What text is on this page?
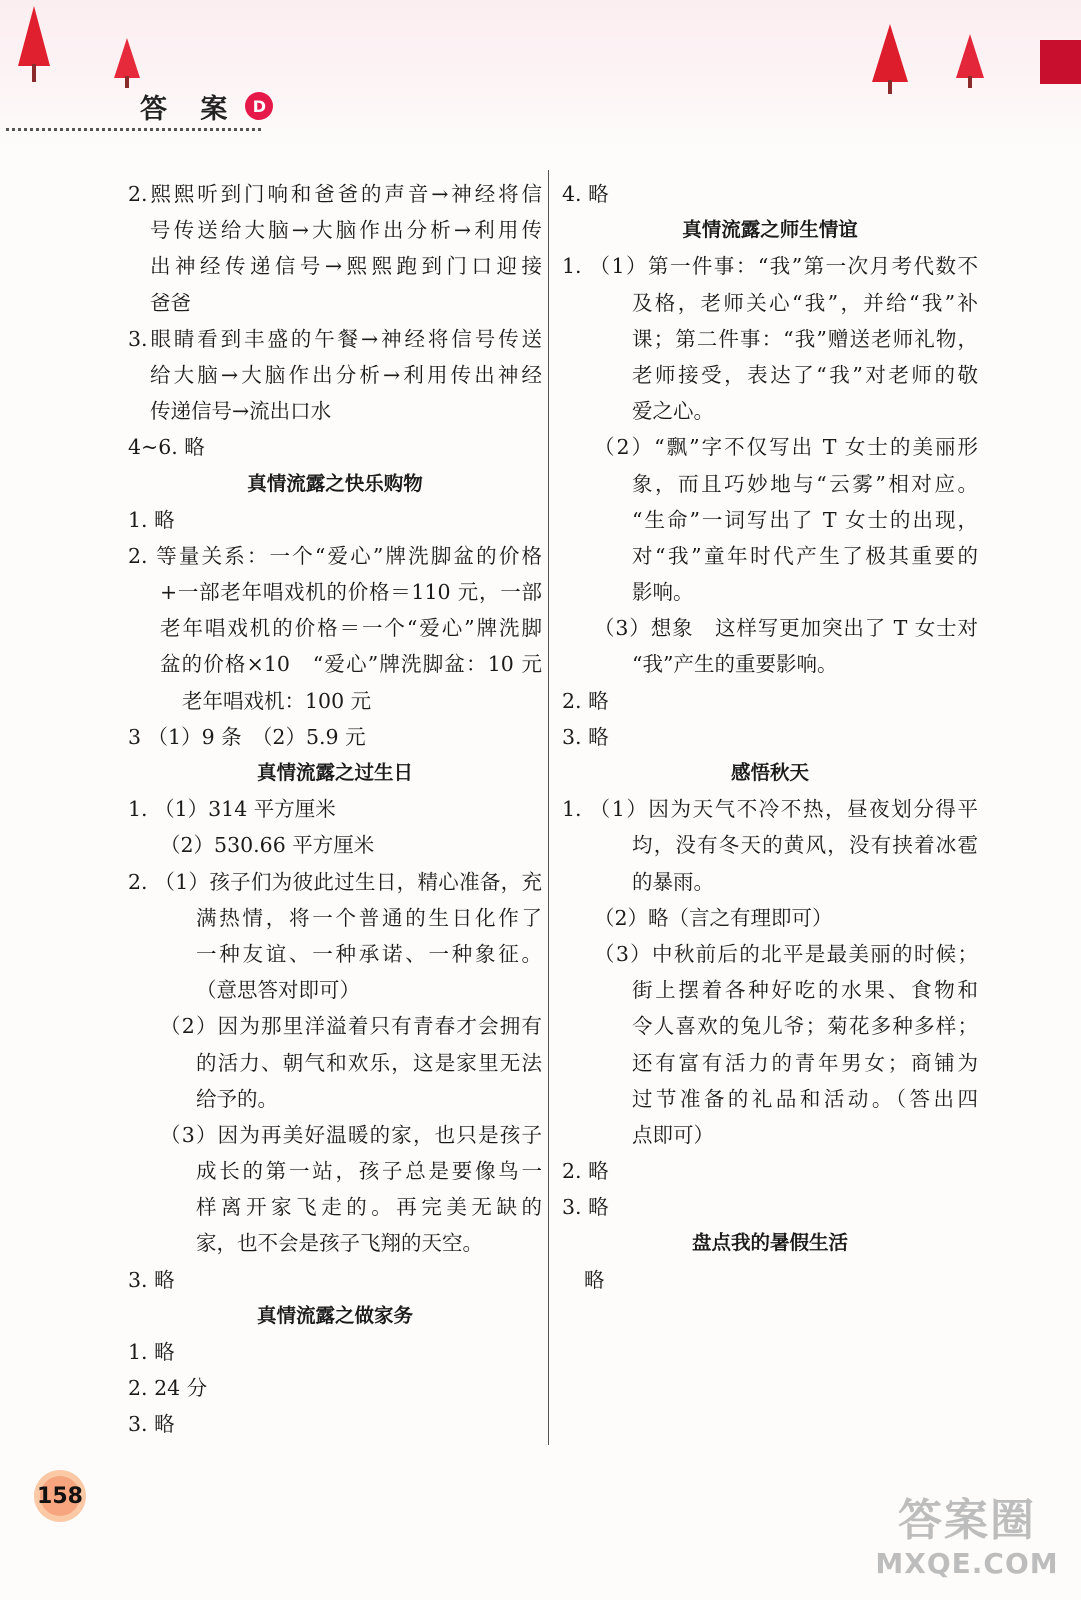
答 案 D
2.熙熙听到门响和爸爸的声音→神经将信
号传送给大脑→大脑作出分析→利用传
出神经传递信号→熙熙跑到门口迎接
爸爸
3.眼睛看到丰盛的午餐→神经将信号传送
给大脑→大脑作出分析→利用传出神经
传递信号→流出口水
4~6. 略
真情流露之快乐购物
1. 略
2. 等量关系：一个“爱心”牌洗脚盆的价格
+一部老年唱戏机的价格＝110 元，一部
老年唱戏机的价格＝一个“爱心”牌洗脚
盆的价格×10　“爱心”牌洗脚盆：10 元
老年唱戏机：100 元
3 （1）9 条　（2）5.9 元
真情流露之过生日
1. （1）314 平方厘米
（2）530.66 平方厘米
2. （1）孩子们为彼此过生日，精心准备，充
满热情，将一个普通的生日化作了
一种友谊、一种承诺、一种象征。
（意思答对即可）
（2）因为那里洋溢着只有青春才会拥有
的活力、朝气和欢乐，这是家里无法
给予的。
（3）因为再美好温暖的家，也只是孩子
成长的第一站，孩子总是要像鸟一
样离开家飞走的。再完美无缺的
家，也不会是孩子飞翔的天空。
3. 略
真情流露之做家务
1. 略
2. 24 分
3. 略
4. 略
真情流露之师生情谊
1. （1）第一件事：“我”第一次月考代数不
及格，老师关心“我”，并给“我”补
课；第二件事：“我”赠送老师礼物，
老师接受，表达了“我”对老师的敬
爱之心。
（2）“飘”字不仅写出 T 女士的美丽形
象，而且巧妙地与“云雾”相对应。
“生命”一词写出了 T 女士的出现，
对“我”童年时代产生了极其重要的
影响。
（3）想象　这样写更加突出了 T 女士对
“我”产生的重要影响。
2. 略
3. 略
感悟秋天
1. （1）因为天气不冷不热，昼夜划分得平
均，没有冬天的黄风，没有挟着冰雹
的暴雨。
（2）略（言之有理即可）
（3）中秋前后的北平是最美丽的时候；
街上摆着各种好吃的水果、食物和
令人喜欢的兔儿爷；菊花多种多样；
还有富有活力的青年男女；商铺为
过节准备的礼品和活动。（答出四
点即可）
2. 略
3. 略
盘点我的暑假生活
略
158	答案圈
MXQE.COM
